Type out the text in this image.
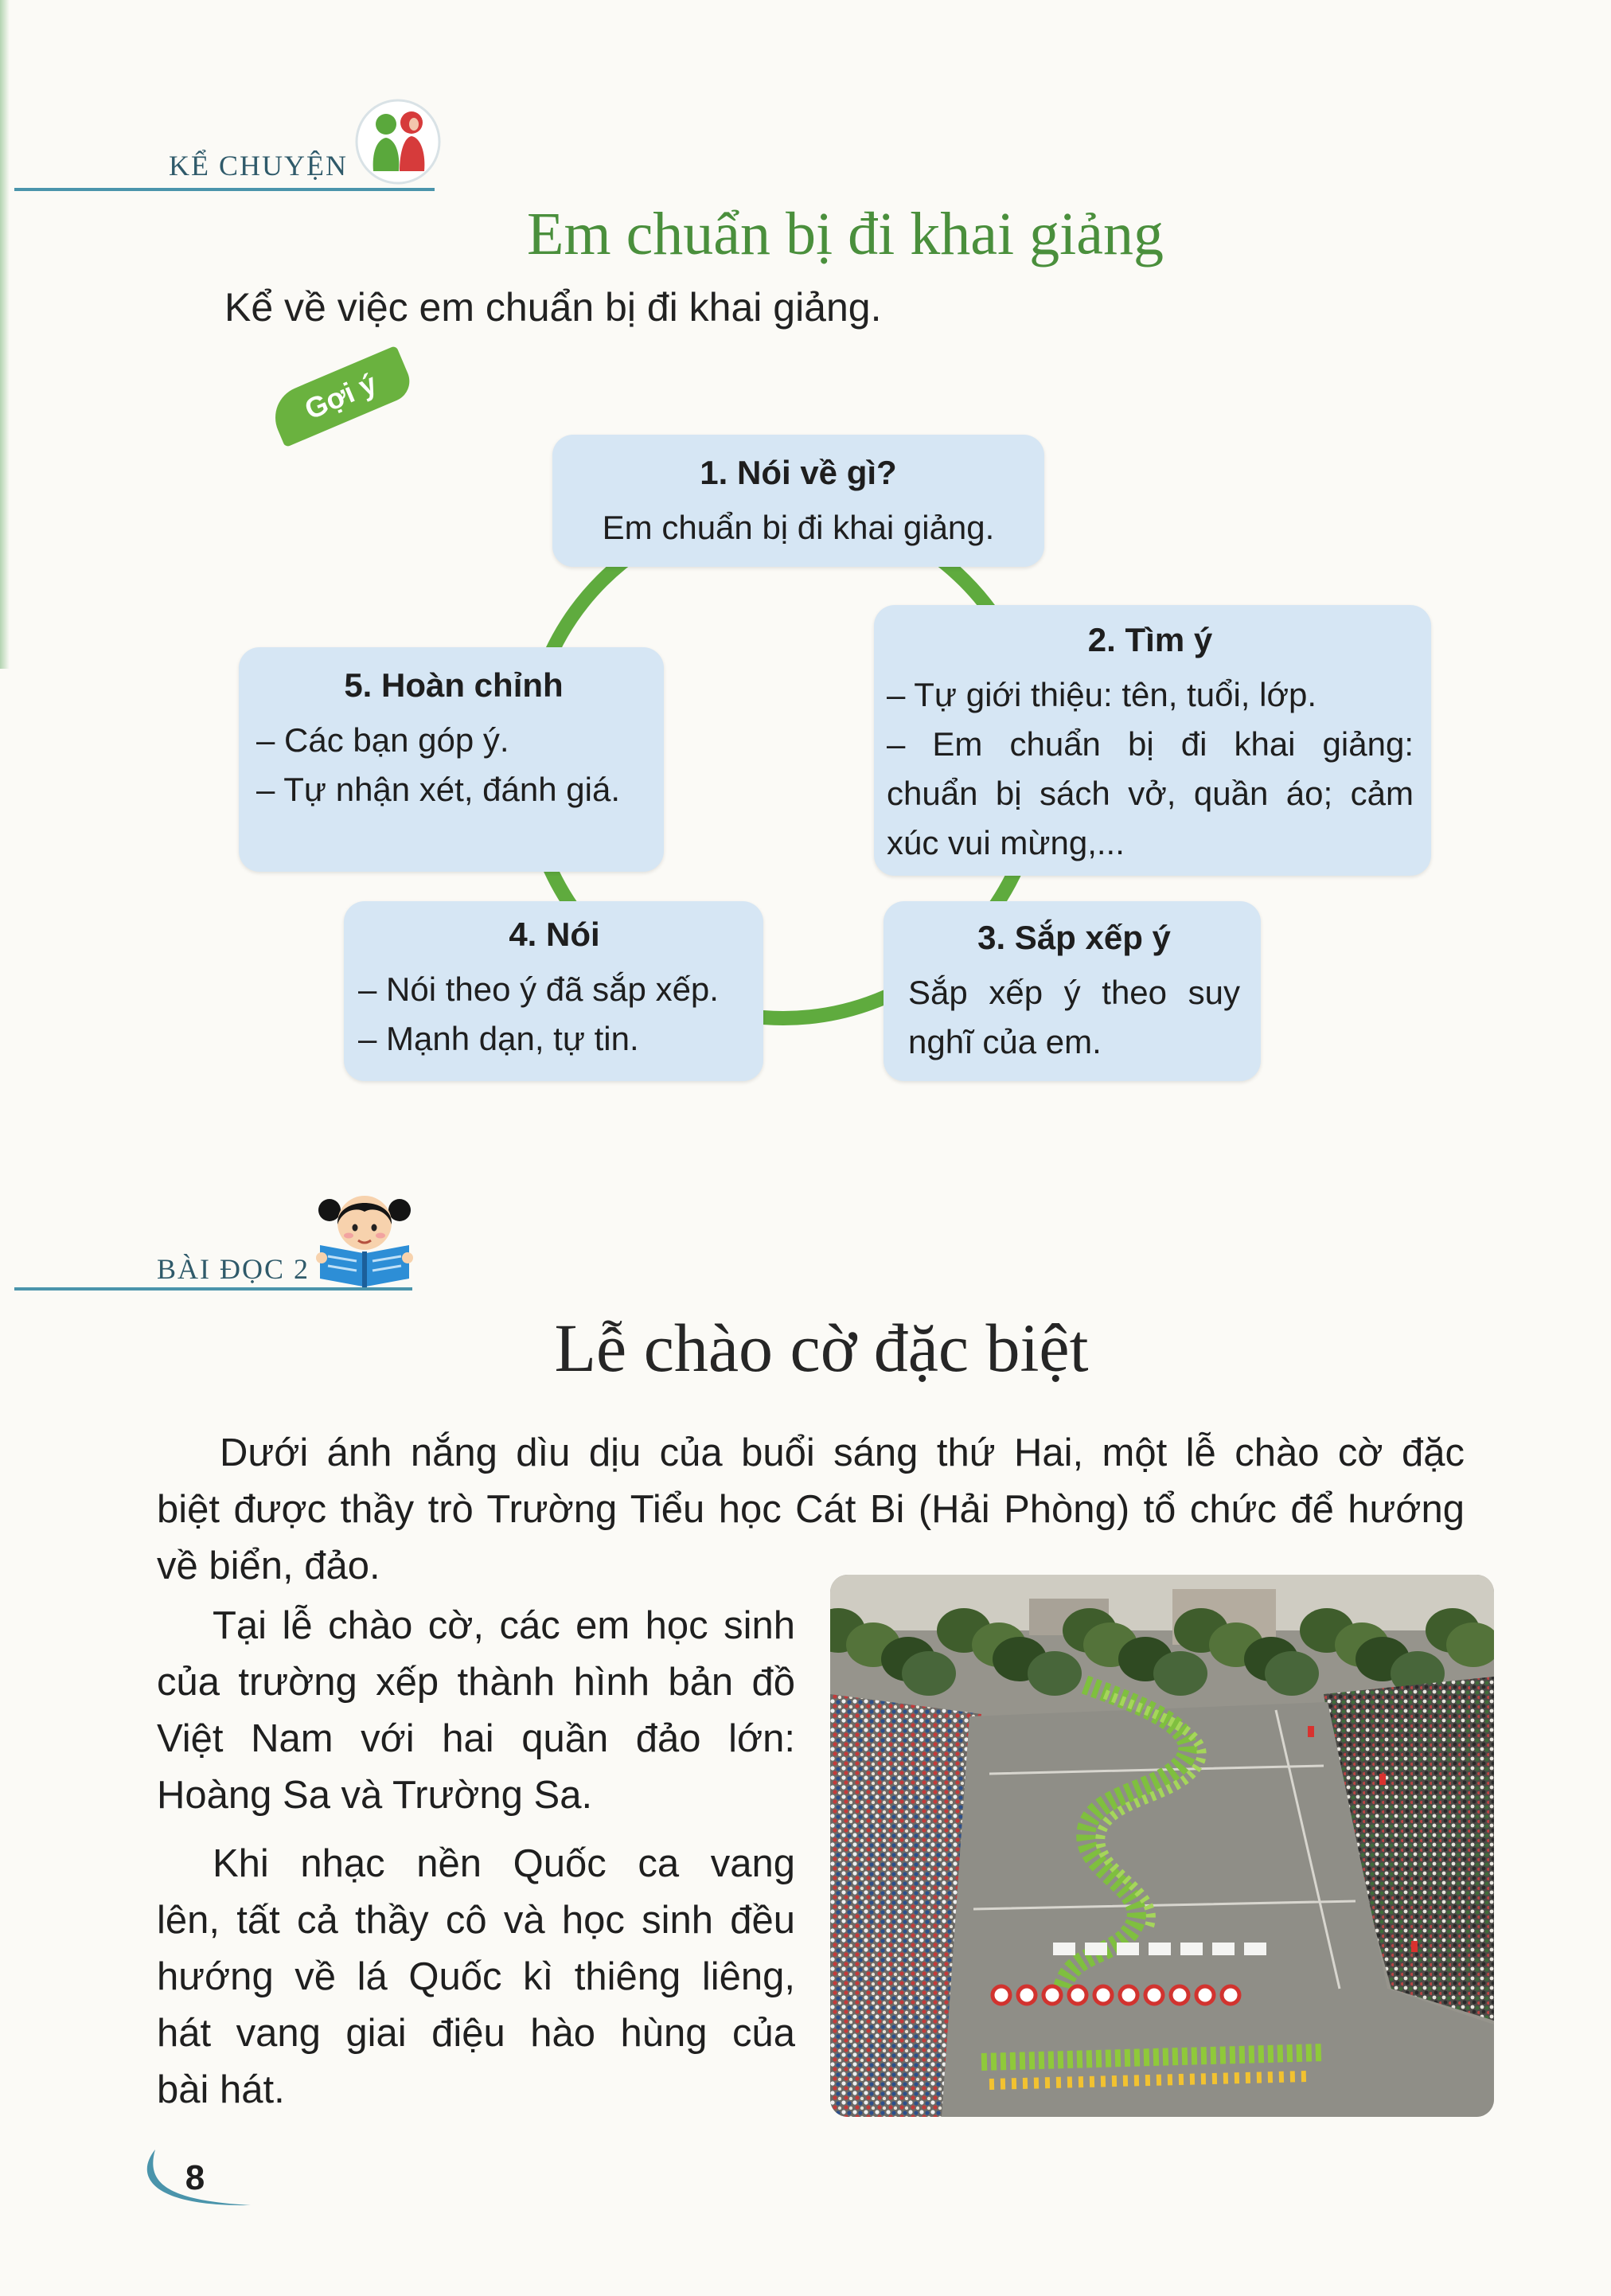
KỂ CHUYỆN
Em chuẩn bị đi khai giảng
Kể về việc em chuẩn bị đi khai giảng.
Gợi ý
1. Nói về gì?
Em chuẩn bị đi khai giảng.
2. Tìm ý
– Tự giới thiệu: tên, tuổi, lớp.
– Em chuẩn bị đi khai giảng:
chuẩn bị sách vở, quần áo; cảm
xúc vui mừng,...
3. Sắp xếp ý
Sắp xếp ý theo suy
nghĩ của em.
4. Nói
– Nói theo ý đã sắp xếp.
– Mạnh dạn, tự tin.
5. Hoàn chỉnh
– Các bạn góp ý.
– Tự nhận xét, đánh giá.
BÀI ĐỌC 2
Lễ chào cờ đặc biệt
Dưới ánh nắng dìu dịu của buổi sáng thứ Hai, một lễ chào cờ đặc
biệt được thầy trò Trường Tiểu học Cát Bi (Hải Phòng) tổ chức để hướng
về biển, đảo.
Tại lễ chào cờ, các em học sinh
của trường xếp thành hình bản đồ
Việt Nam với hai quần đảo lớn:
Hoàng Sa và Trường Sa.
Khi nhạc nền Quốc ca vang
lên, tất cả thầy cô và học sinh đều
hướng về lá Quốc kì thiêng liêng,
hát vang giai điệu hào hùng của
bài hát.
8
